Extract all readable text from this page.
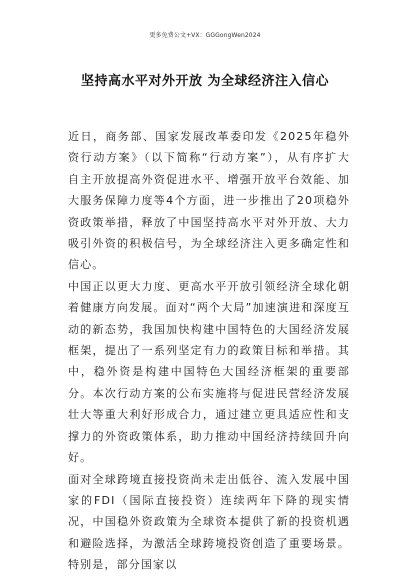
更多免费公文+VX：GGGongWen2024
坚持高水平对外开放 为全球经济注入信心

近日，商务部、国家发展改革委印发《2025年稳外资行动方案》（以下简称“行动方案”），从有序扩大自主开放提高外资促进水平、增强开放平台效能、加大服务保障力度等4个方面，进一步推出了20项稳外资政策举措，释放了中国坚持高水平对外开放、大力吸引外资的积极信号，为全球经济注入更多确定性和信心。

中国正以更大力度、更高水平开放引领经济全球化朝着健康方向发展。面对“两个大局”加速演进和深度互动的新态势，我国加快构建中国特色的大国经济发展框架，提出了一系列坚定有力的政策目标和举措。其中，稳外资是构建中国特色大国经济框架的重要部分。本次行动方案的公布实施将与促进民营经济发展壮大等重大利好形成合力，通过建立更具适应性和支撑力的外资政策体系，助力推动中国经济持续回升向好。

面对全球跨境直接投资尚未走出低谷、流入发展中国家的FDI（国际直接投资）连续两年下降的现实情况，中国稳外资政策为全球资本提供了新的投资机遇和避险选择，为激活全球跨境投资创造了重要场景。特别是，部分国家以
